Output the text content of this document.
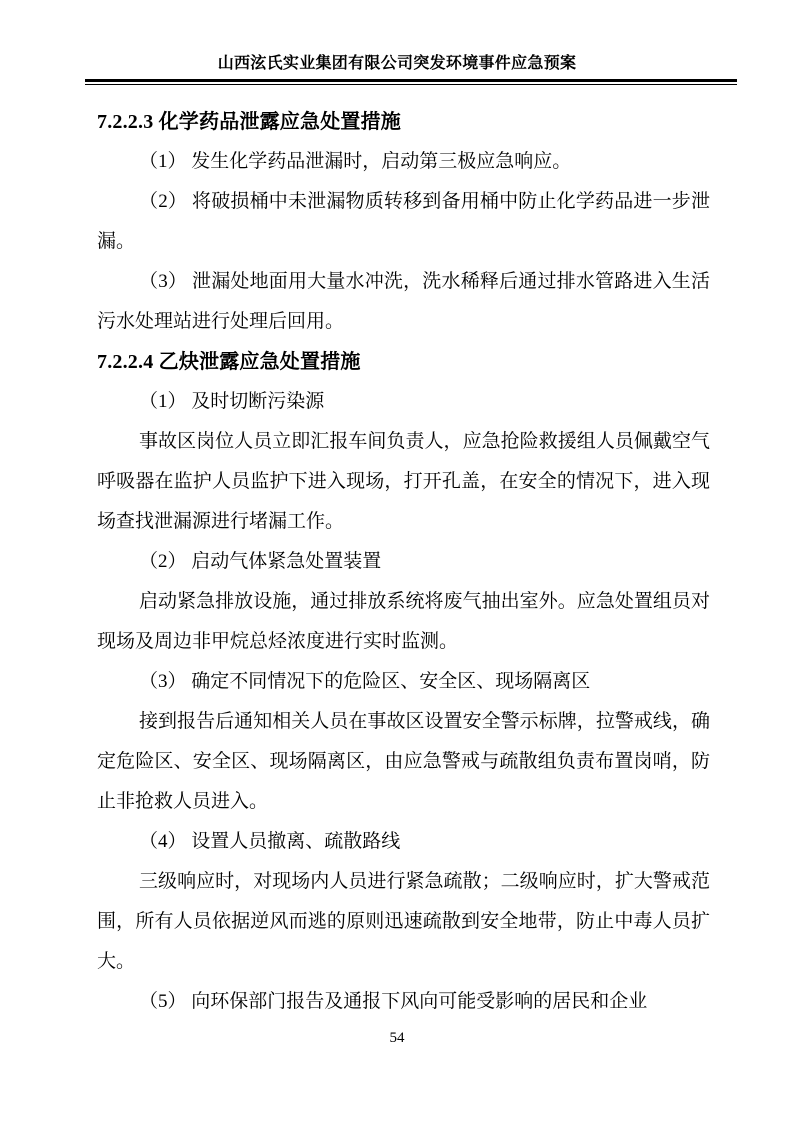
山西泫氏实业集团有限公司突发环境事件应急预案
7.2.2.3 化学药品泄露应急处置措施

（1） 发生化学药品泄漏时，启动第三极应急响应。

（2） 将破损桶中未泄漏物质转移到备用桶中防止化学药品进一步泄漏。

（3） 泄漏处地面用大量水冲洗，洗水稀释后通过排水管路进入生活污水处理站进行处理后回用。

7.2.2.4 乙炔泄露应急处置措施

（1） 及时切断污染源

事故区岗位人员立即汇报车间负责人，应急抢险救援组人员佩戴空气呼吸器在监护人员监护下进入现场，打开孔盖，在安全的情况下，进入现场查找泄漏源进行堵漏工作。

（2） 启动气体紧急处置装置

启动紧急排放设施，通过排放系统将废气抽出室外。应急处置组员对现场及周边非甲烷总烃浓度进行实时监测。

（3） 确定不同情况下的危险区、安全区、现场隔离区

接到报告后通知相关人员在事故区设置安全警示标牌，拉警戒线，确定危险区、安全区、现场隔离区，由应急警戒与疏散组负责布置岗哨，防止非抢救人员进入。

（4） 设置人员撤离、疏散路线

三级响应时，对现场内人员进行紧急疏散；二级响应时，扩大警戒范围，所有人员依据逆风而逃的原则迅速疏散到安全地带，防止中毒人员扩大。

（5） 向环保部门报告及通报下风向可能受影响的居民和企业

54
